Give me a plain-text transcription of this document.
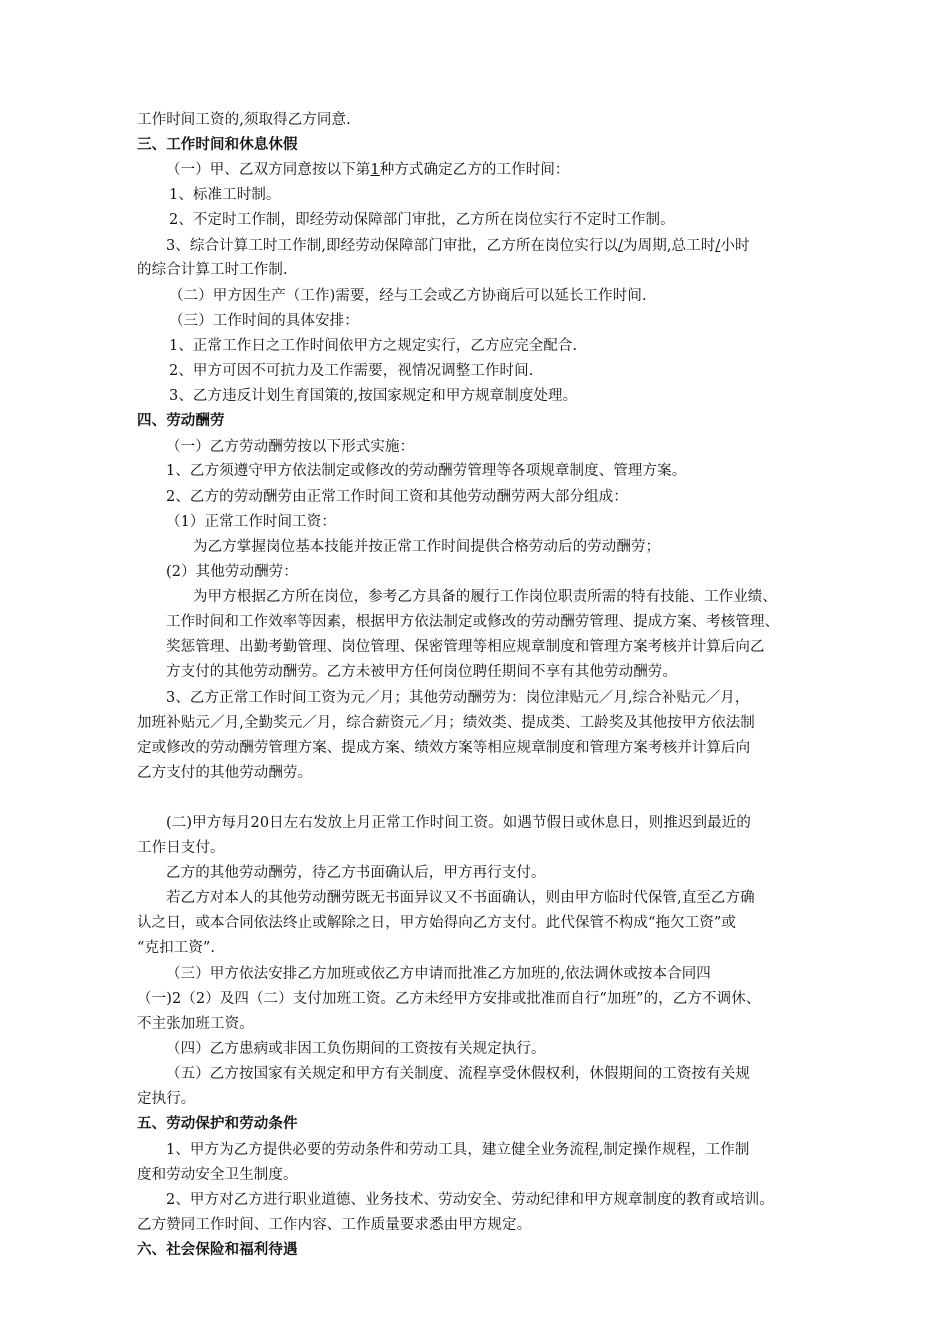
工作时间工资的,须取得乙方同意.
三、工作时间和休息休假
（一）甲、乙双方同意按以下第1种方式确定乙方的工作时间：
1、标准工时制。
2、不定时工作制，即经劳动保障部门审批，乙方所在岗位实行不定时工作制。
3、综合计算工时工作制,即经劳动保障部门审批，乙方所在岗位实行以/为周期,总工时/小时
的综合计算工时工作制.
（二）甲方因生产（工作)需要，经与工会或乙方协商后可以延长工作时间.
（三）工作时间的具体安排：
1、正常工作日之工作时间依甲方之规定实行，乙方应完全配合.
2、甲方可因不可抗力及工作需要，视情况调整工作时间.
3、乙方违反计划生育国策的,按国家规定和甲方规章制度处理。
四、劳动酬劳
（一）乙方劳动酬劳按以下形式实施：
1、乙方须遵守甲方依法制定或修改的劳动酬劳管理等各项规章制度、管理方案。
2、乙方的劳动酬劳由正常工作时间工资和其他劳动酬劳两大部分组成：
（1）正常工作时间工资：
为乙方掌握岗位基本技能并按正常工作时间提供合格劳动后的劳动酬劳；
(2）其他劳动酬劳：
为甲方根据乙方所在岗位，参考乙方具备的履行工作岗位职责所需的特有技能、工作业绩、
工作时间和工作效率等因素，根据甲方依法制定或修改的劳动酬劳管理、提成方案、考核管理、
奖惩管理、出勤考勤管理、岗位管理、保密管理等相应规章制度和管理方案考核并计算后向乙
方支付的其他劳动酬劳。乙方未被甲方任何岗位聘任期间不享有其他劳动酬劳。
3、乙方正常工作时间工资为元／月；其他劳动酬劳为：岗位津贴元／月,综合补贴元／月，
加班补贴元／月,全勤奖元／月，综合薪资元／月；绩效类、提成类、工龄奖及其他按甲方依法制
定或修改的劳动酬劳管理方案、提成方案、绩效方案等相应规章制度和管理方案考核并计算后向
乙方支付的其他劳动酬劳。
(二)甲方每月20日左右发放上月正常工作时间工资。如遇节假日或休息日，则推迟到最近的
工作日支付。
乙方的其他劳动酬劳，待乙方书面确认后，甲方再行支付。
若乙方对本人的其他劳动酬劳既无书面异议又不书面确认，则由甲方临时代保管,直至乙方确
认之日，或本合同依法终止或解除之日，甲方始得向乙方支付。此代保管不构成“拖欠工资”或
“克扣工资”.
（三）甲方依法安排乙方加班或依乙方申请而批准乙方加班的,依法调休或按本合同四
（一)2（2）及四（二）支付加班工资。乙方未经甲方安排或批准而自行“加班”的，乙方不调休、
不主张加班工资。
（四）乙方患病或非因工负伤期间的工资按有关规定执行。
（五）乙方按国家有关规定和甲方有关制度、流程享受休假权利，休假期间的工资按有关规
定执行。
五、劳动保护和劳动条件
1、甲方为乙方提供必要的劳动条件和劳动工具，建立健全业务流程,制定操作规程，工作制
度和劳动安全卫生制度。
2、甲方对乙方进行职业道德、业务技术、劳动安全、劳动纪律和甲方规章制度的教育或培训。
乙方赞同工作时间、工作内容、工作质量要求悉由甲方规定。
六、社会保险和福利待遇
